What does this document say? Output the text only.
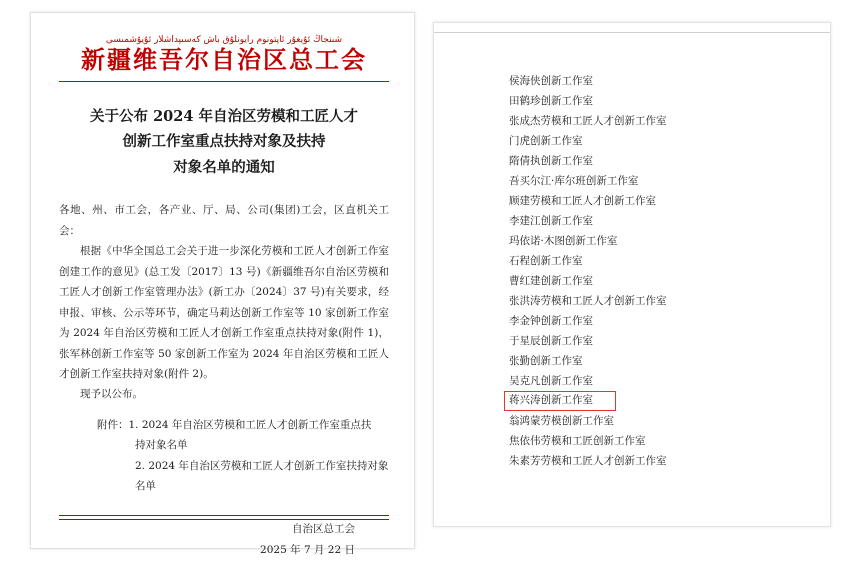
شىنجاڭ ئۇيغۇر ئاپتونوم رايونلۇق باش كەسىپداشلار ئۇيۇشمىسى
新疆维吾尔自治区总工会
关于公布 2024 年自治区劳模和工匠人才
创新工作室重点扶持对象及扶持
对象名单的通知

各地、州、市工会，各产业、厅、局、公司(集团)工会，区直机关工会：

根据《中华全国总工会关于进一步深化劳模和工匠人才创新工作室创建工作的意见》(总工发〔2017〕13 号)《新疆维吾尔自治区劳模和工匠人才创新工作室管理办法》(新工办〔2024〕37 号)有关要求，经申报、审核、公示等环节，确定马莉达创新工作室等 10 家创新工作室为 2024 年自治区劳模和工匠人才创新工作室重点扶持对象(附件 1)，张军林创新工作室等 50 家创新工作室为 2024 年自治区劳模和工匠人才创新工作室扶持对象(附件 2)。

现予以公布。

附件：1. 2024 年自治区劳模和工匠人才创新工作室重点扶
持对象名单
2. 2024 年自治区劳模和工匠人才创新工作室扶持对象名单
自治区总工会
2025 年 7 月 22 日
侯海侠创新工作室
田鹤珍创新工作室
张成杰劳模和工匠人才创新工作室
门虎创新工作室
隋倩执创新工作室
吾买尔江·库尔班创新工作室
顾建劳模和工匠人才创新工作室
李建江创新工作室
玛依诺·木图创新工作室
石程创新工作室
曹红建创新工作室
张洪涛劳模和工匠人才创新工作室
李金钟创新工作室
于星辰创新工作室
张勤创新工作室
吴克凡创新工作室
蒋兴涛创新工作室
翁鸿蒙劳模创新工作室
焦依伟劳模和工匠创新工作室
朱素芳劳模和工匠人才创新工作室
